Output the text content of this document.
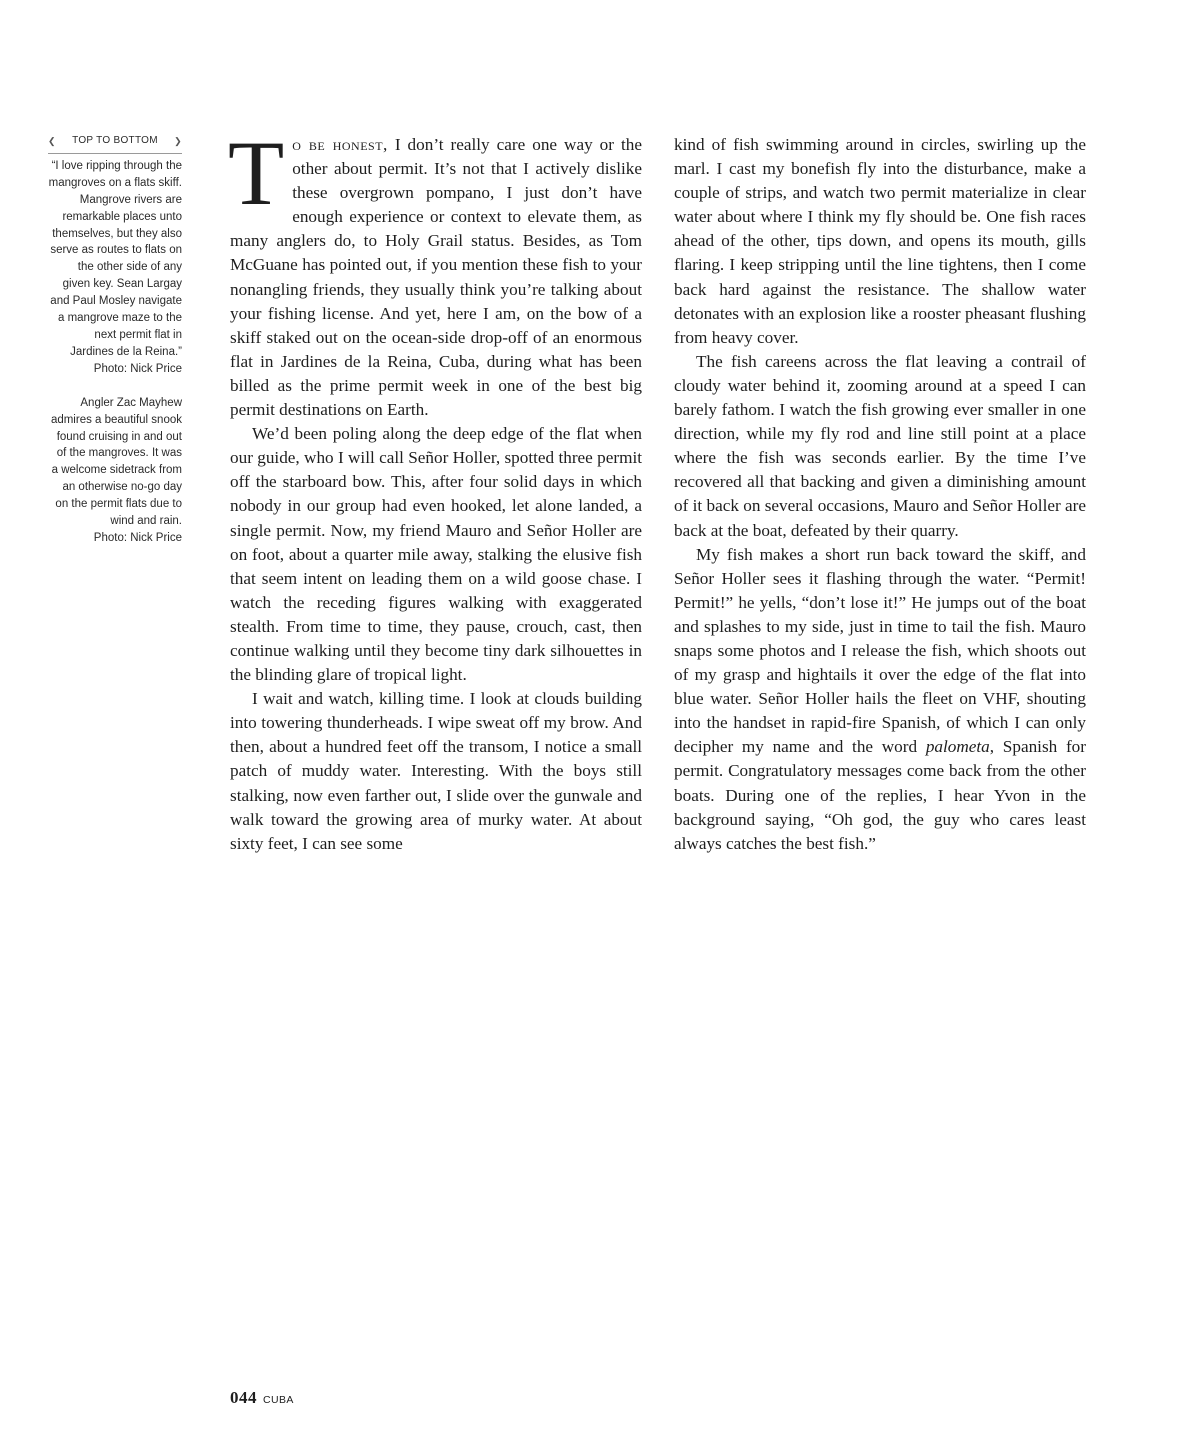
❮ TOP TO BOTTOM ❯

“I love ripping through the mangroves on a flats skiff. Mangrove rivers are remarkable places unto themselves, but they also serve as routes to flats on the other side of any given key. Sean Largay and Paul Mosley navigate a mangrove maze to the next permit flat in Jardines de la Reina.”
Photo: Nick Price

Angler Zac Mayhew admires a beautiful snook found cruising in and out of the mangroves. It was a welcome sidetrack from an otherwise no-go day on the permit flats due to wind and rain.
Photo: Nick Price

To be honest, I don’t really care one way or the other about permit. It’s not that I actively dislike these overgrown pompano, I just don’t have enough experience or context to elevate them, as many anglers do, to Holy Grail status. Besides, as Tom McGuane has pointed out, if you mention these fish to your nonangling friends, they usually think you’re talking about your fishing license. And yet, here I am, on the bow of a skiff staked out on the ocean-side drop-off of an enormous flat in Jardines de la Reina, Cuba, during what has been billed as the prime permit week in one of the best big permit destinations on Earth.

We’d been poling along the deep edge of the flat when our guide, who I will call Señor Holler, spotted three permit off the starboard bow. This, after four solid days in which nobody in our group had even hooked, let alone landed, a single permit. Now, my friend Mauro and Señor Holler are on foot, about a quarter mile away, stalking the elusive fish that seem intent on leading them on a wild goose chase. I watch the receding figures walking with exaggerated stealth. From time to time, they pause, crouch, cast, then continue walking until they become tiny dark silhouettes in the blinding glare of tropical light.

I wait and watch, killing time. I look at clouds building into towering thunderheads. I wipe sweat off my brow. And then, about a hundred feet off the transom, I notice a small patch of muddy water. Interesting. With the boys still stalking, now even farther out, I slide over the gunwale and walk toward the growing area of murky water. At about sixty feet, I can see some

kind of fish swimming around in circles, swirling up the marl. I cast my bonefish fly into the disturbance, make a couple of strips, and watch two permit materialize in clear water about where I think my fly should be. One fish races ahead of the other, tips down, and opens its mouth, gills flaring. I keep stripping until the line tightens, then I come back hard against the resistance. The shallow water detonates with an explosion like a rooster pheasant flushing from heavy cover.

The fish careens across the flat leaving a contrail of cloudy water behind it, zooming around at a speed I can barely fathom. I watch the fish growing ever smaller in one direction, while my fly rod and line still point at a place where the fish was seconds earlier. By the time I’ve recovered all that backing and given a diminishing amount of it back on several occasions, Mauro and Señor Holler are back at the boat, defeated by their quarry.

My fish makes a short run back toward the skiff, and Señor Holler sees it flashing through the water. “Permit! Permit!” he yells, “don’t lose it!” He jumps out of the boat and splashes to my side, just in time to tail the fish. Mauro snaps some photos and I release the fish, which shoots out of my grasp and hightails it over the edge of the flat into blue water. Señor Holler hails the fleet on VHF, shouting into the handset in rapid-fire Spanish, of which I can only decipher my name and the word palometa, Spanish for permit. Congratulatory messages come back from the other boats. During one of the replies, I hear Yvon in the background saying, “Oh god, the guy who cares least always catches the best fish.”

044 CUBA
